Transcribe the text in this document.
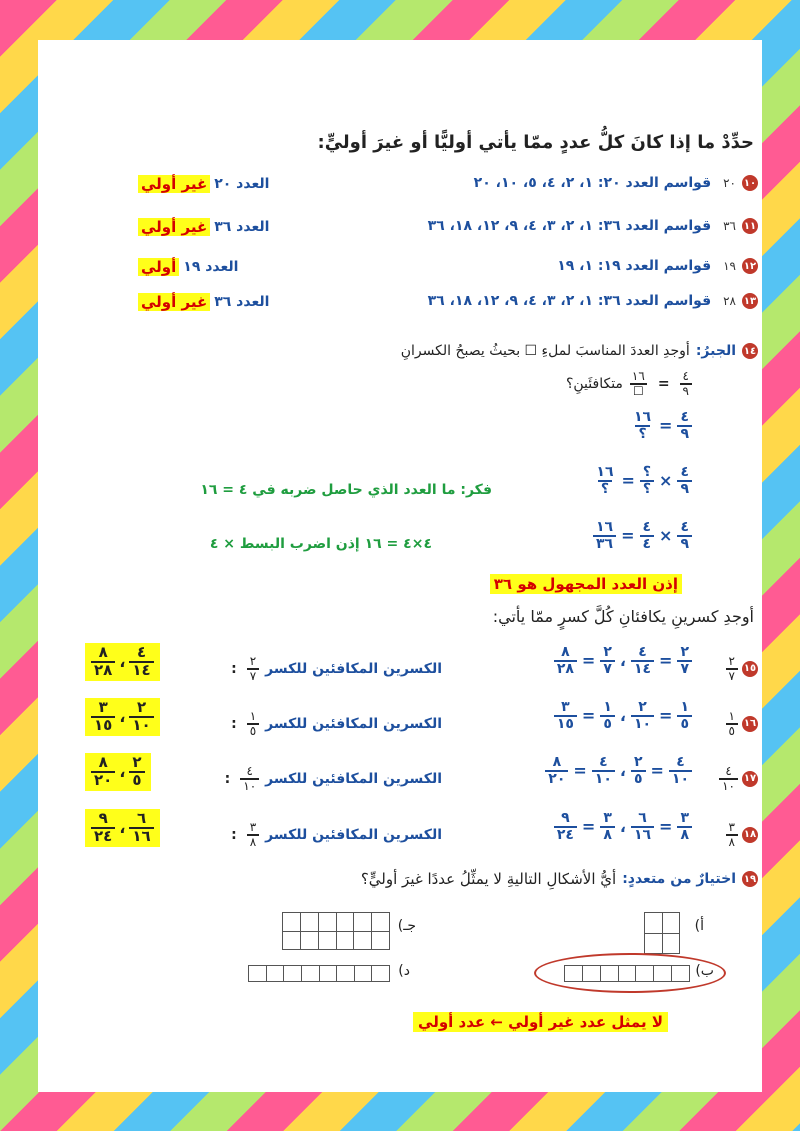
حدِّدْ ما إذا كانَ كلُّ عددٍ ممّا يأتي أوليًّا أو غيرَ أوليٍّ:
١٠
٢٠
قواسم العدد ٢٠: ١، ٢، ٤، ٥، ١٠، ٢٠
العدد ٢٠
غير أولي
١١
٣٦
قواسم العدد ٣٦: ١، ٢، ٣، ٤، ٩، ١٢، ١٨، ٣٦
العدد ٣٦
غير أولي
١٢
١٩
قواسم العدد ١٩: ١، ١٩
العدد ١٩
أولي
١٣
٢٨
قواسم العدد ٣٦: ١، ٢، ٣، ٤، ٩، ١٢، ١٨، ٣٦
العدد ٣٦
غير أولي
١٤
الجبرُ:
أوجدِ العددَ المناسبَ لملءِ ☐ بحيثُ يصبحُ الكسرانِ
٤
٩
=
١٦
☐
متكافئَينِ؟
٤
٩
=
١٦
؟
٤
٩
×
؟
؟
=
١٦
؟
فكر: ما العدد الذي حاصل ضربه في ٤ = ١٦
٤
٩
×
٤
٤
=
١٦
٣٦
٤×٤ = ١٦ إذن اضرب البسط × ٤
إذن العدد المجهول هو ٣٦
أوجدِ كسرينِ يكافئانِ كُلَّ كسرٍ ممّا يأتي:
١٥
٢
٧
٢
٧
=
٤
١٤
،
٢
٧
=
٨
٢٨
الكسرين المكافئين للكسر
٢
٧
:
٤
١٤
،
٨
٢٨
١٦
١
٥
١
٥
=
٢
١٠
،
١
٥
=
٣
١٥
الكسرين المكافئين للكسر
١
٥
:
٢
١٠
،
٣
١٥
١٧
٤
١٠
٤
١٠
=
٢
٥
،
٤
١٠
=
٨
٢٠
الكسرين المكافئين للكسر
٤
١٠
:
٢
٥
،
٨
٢٠
١٨
٣
٨
٣
٨
=
٦
١٦
،
٣
٨
=
٩
٢٤
الكسرين المكافئين للكسر
٣
٨
:
٦
١٦
،
٩
٢٤
١٩
اختيارٌ من متعددٍ:
أيُّ الأشكالِ التاليةِ لا يمثِّلُ عددًا غيرَ أوليٍّ؟
أ)
جـ)
ب)
د)
لا يمثل عدد غير أولي ← عدد أولي
